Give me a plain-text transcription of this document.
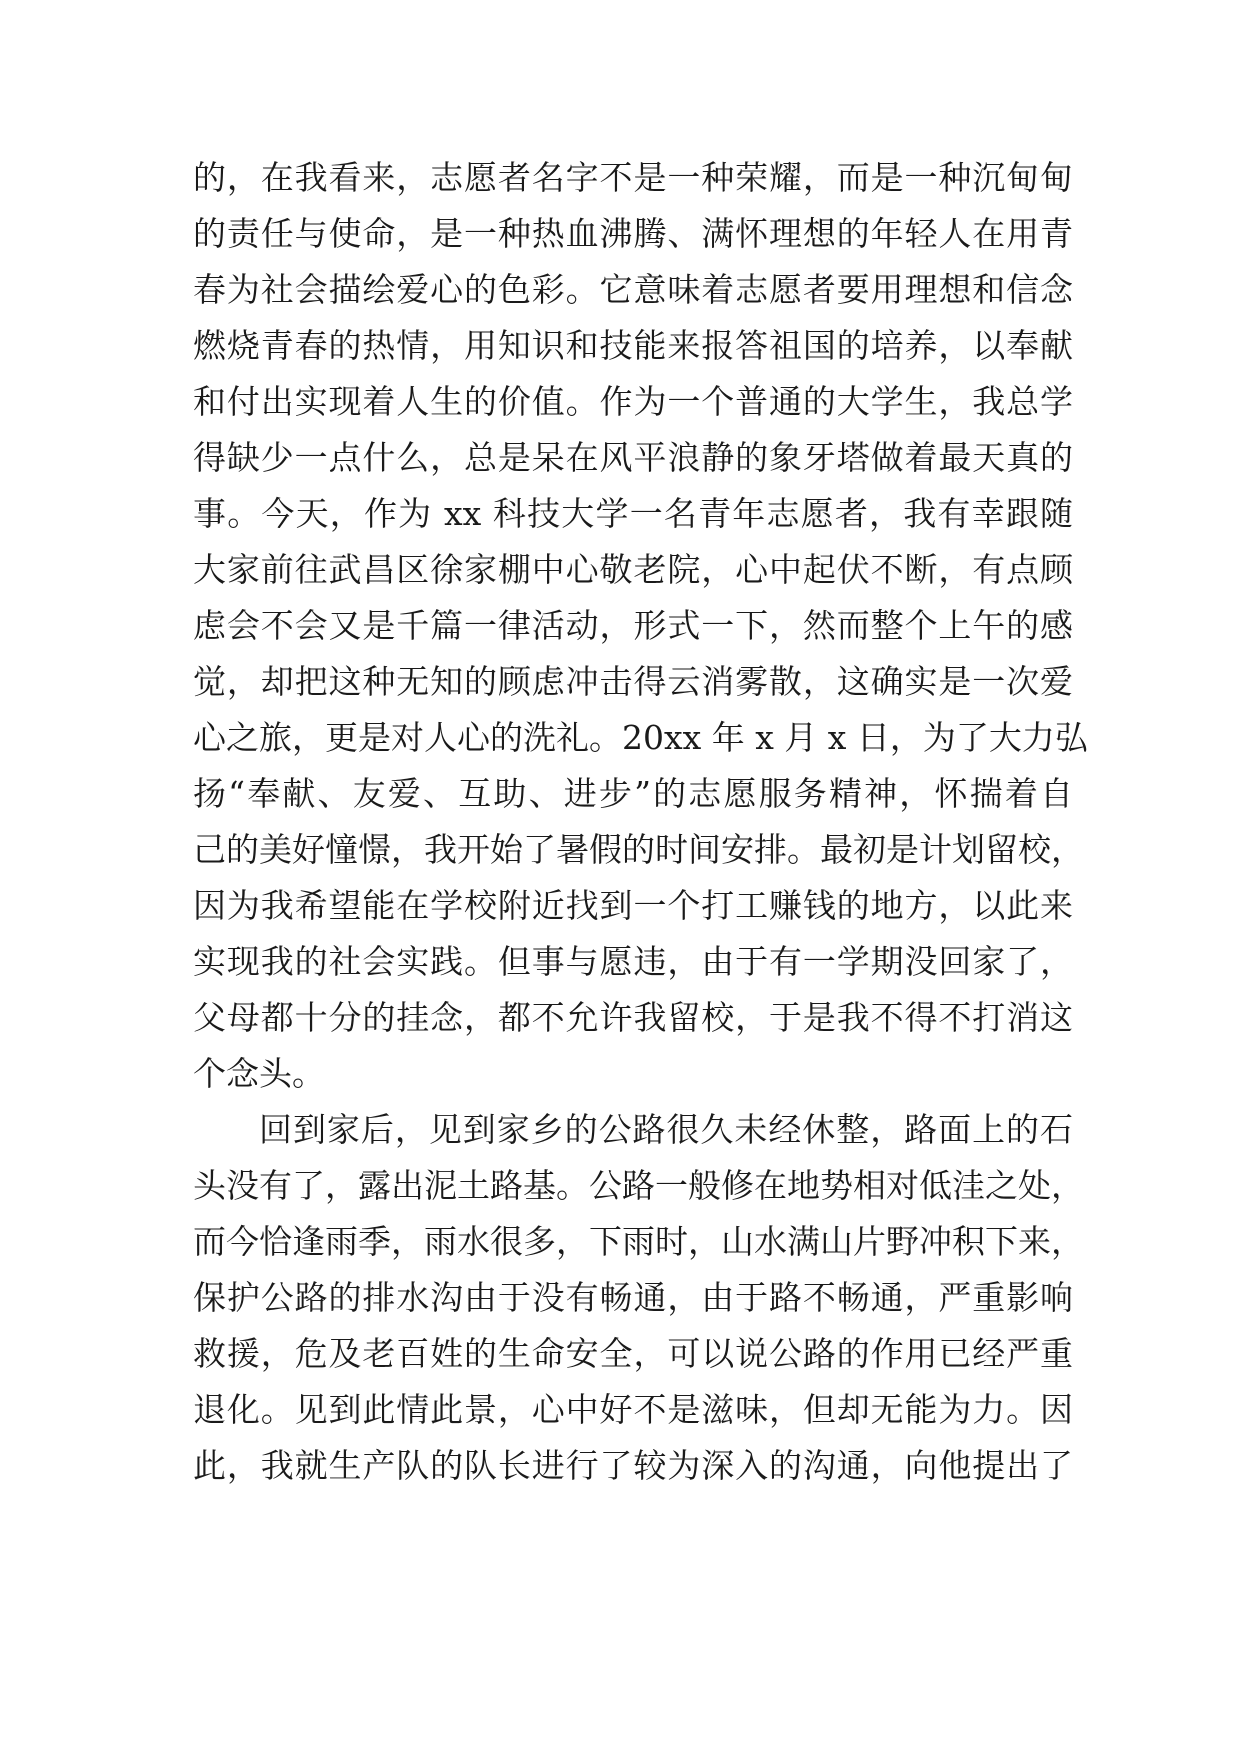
的，在我看来，志愿者名字不是一种荣耀，而是一种沉甸甸
的责任与使命，是一种热血沸腾、满怀理想的年轻人在用青
春为社会描绘爱心的色彩。它意味着志愿者要用理想和信念
燃烧青春的热情，用知识和技能来报答祖国的培养，以奉献
和付出实现着人生的价值。作为一个普通的大学生，我总学
得缺少一点什么，总是呆在风平浪静的象牙塔做着最天真的
事。今天，作为 xx 科技大学一名青年志愿者，我有幸跟随
大家前往武昌区徐家棚中心敬老院，心中起伏不断，有点顾
虑会不会又是千篇一律活动，形式一下，然而整个上午的感
觉，却把这种无知的顾虑冲击得云消雾散，这确实是一次爱
心之旅，更是对人心的洗礼。20xx 年 x 月 x 日，为了大力弘
扬“奉献、友爱、互助、进步”的志愿服务精神，怀揣着自
己的美好憧憬，我开始了暑假的时间安排。最初是计划留校，
因为我希望能在学校附近找到一个打工赚钱的地方，以此来
实现我的社会实践。但事与愿违，由于有一学期没回家了，
父母都十分的挂念，都不允许我留校，于是我不得不打消这
个念头。
回到家后，见到家乡的公路很久未经休整，路面上的石
头没有了，露出泥土路基。公路一般修在地势相对低洼之处，
而今恰逢雨季，雨水很多，下雨时，山水满山片野冲积下来，
保护公路的排水沟由于没有畅通，由于路不畅通，严重影响
救援，危及老百姓的生命安全，可以说公路的作用已经严重
退化。见到此情此景，心中好不是滋味，但却无能为力。因
此，我就生产队的队长进行了较为深入的沟通，向他提出了
